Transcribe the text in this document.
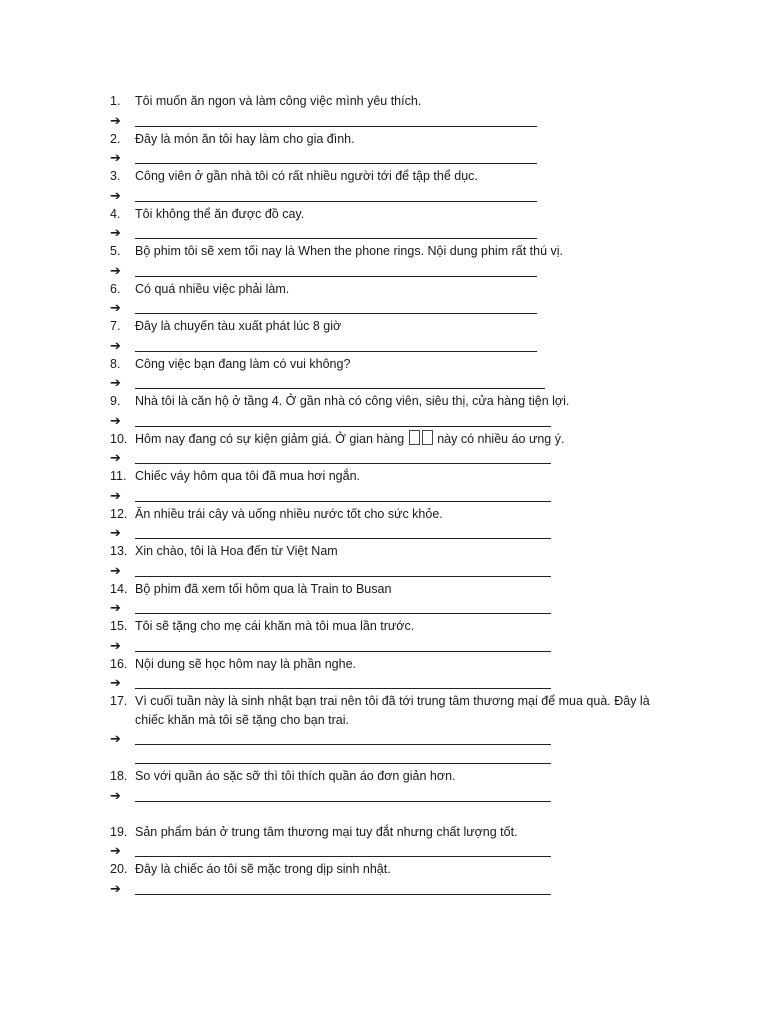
1.	Tôi muốn ăn ngon và làm công việc mình yêu thích.
➔
2.	Đây là món ăn tôi hay làm cho gia đình.
➔
3.	Công viên ở gần nhà tôi có rất nhiều người tới để tập thể dục.
➔
4.	Tôi không thể ăn được đồ cay.
➔
5.	Bộ phim tôi sẽ xem tối nay là When the phone rings. Nội dung phim rất thú vị.
➔
6.	Có quá nhiều việc phải làm.
➔
7.	Đây là chuyến tàu xuất phát lúc 8 giờ
➔
8.	Công việc bạn đang làm có vui không?
➔
9.	Nhà tôi là căn hộ ở tầng 4. Ở gần nhà có công viên, siêu thị, cửa hàng tiện lợi.
➔
10. Hôm nay đang có sự kiện giảm giá. Ở gian hàng	này có nhiều áo ưng ý.
➔
11. Chiếc váy hôm qua tôi đã mua hơi ngắn.
➔
12. Ăn nhiều trái cây và uống nhiều nước tốt cho sức khỏe.
➔
13. Xin chào, tôi là Hoa đến từ Việt Nam
➔
14. Bộ phim đã xem tối hôm qua là Train to Busan
➔
15. Tôi sẽ tặng cho mẹ cái khăn mà tôi mua lần trước.
➔
16. Nội dung sẽ học hôm nay là phần nghe.
➔
17. Vì cuối tuần này là sinh nhật bạn trai nên tôi đã tới trung tâm thương mại để mua quà. Đây là chiếc khăn mà tôi sẽ tặng cho bạn trai.
➔
18. So với quần áo sặc sỡ thì tôi thích quần áo đơn giản hơn.
➔
19. Sản phẩm bán ở trung tâm thương mại tuy đắt nhưng chất lượng tốt.
➔
20. Đây là chiếc áo tôi sẽ mặc trong dịp sinh nhật.
➔
